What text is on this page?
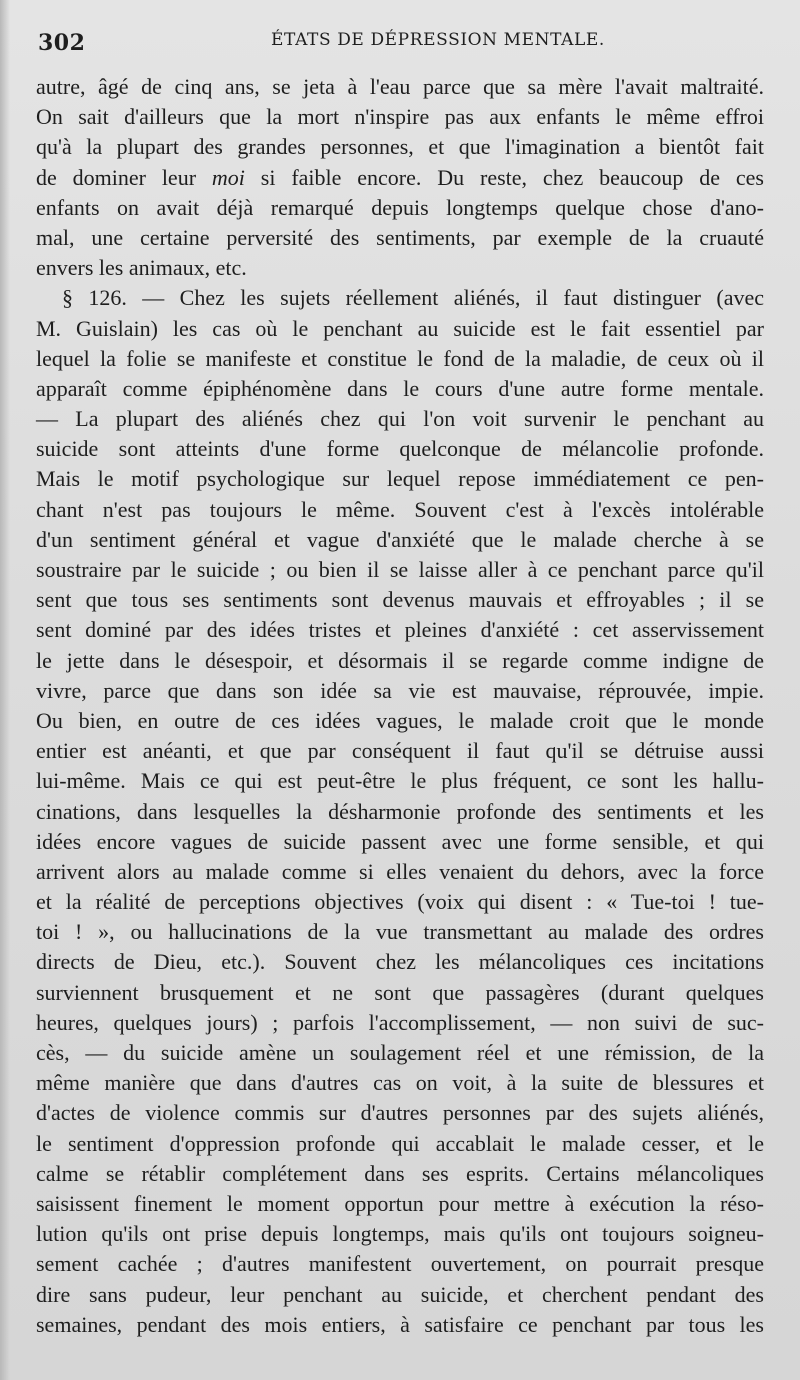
302	ÉTATS DE DÉPRESSION MENTALE.
autre, âgé de cinq ans, se jeta à l'eau parce que sa mère l'avait maltraité.
On sait d'ailleurs que la mort n'inspire pas aux enfants le même effroi
qu'à la plupart des grandes personnes, et que l'imagination a bientôt fait
de dominer leur moi si faible encore. Du reste, chez beaucoup de ces
enfants on avait déjà remarqué depuis longtemps quelque chose d'ano-
mal, une certaine perversité des sentiments, par exemple de la cruauté
envers les animaux, etc.
§ 126. — Chez les sujets réellement aliénés, il faut distinguer (avec
M. Guislain) les cas où le penchant au suicide est le fait essentiel par
lequel la folie se manifeste et constitue le fond de la maladie, de ceux où il
apparaît comme épiphénomène dans le cours d'une autre forme mentale.
— La plupart des aliénés chez qui l'on voit survenir le penchant au
suicide sont atteints d'une forme quelconque de mélancolie profonde.
Mais le motif psychologique sur lequel repose immédiatement ce pen-
chant n'est pas toujours le même. Souvent c'est à l'excès intolérable
d'un sentiment général et vague d'anxiété que le malade cherche à se
soustraire par le suicide ; ou bien il se laisse aller à ce penchant parce qu'il
sent que tous ses sentiments sont devenus mauvais et effroyables ; il se
sent dominé par des idées tristes et pleines d'anxiété : cet asservissement
le jette dans le désespoir, et désormais il se regarde comme indigne de
vivre, parce que dans son idée sa vie est mauvaise, réprouvée, impie.
Ou bien, en outre de ces idées vagues, le malade croit que le monde
entier est anéanti, et que par conséquent il faut qu'il se détruise aussi
lui-même. Mais ce qui est peut-être le plus fréquent, ce sont les hallu-
cinations, dans lesquelles la désharmonie profonde des sentiments et les
idées encore vagues de suicide passent avec une forme sensible, et qui
arrivent alors au malade comme si elles venaient du dehors, avec la force
et la réalité de perceptions objectives (voix qui disent : « Tue-toi ! tue-
toi ! », ou hallucinations de la vue transmettant au malade des ordres
directs de Dieu, etc.). Souvent chez les mélancoliques ces incitations
surviennent brusquement et ne sont que passagères (durant quelques
heures, quelques jours) ; parfois l'accomplissement, — non suivi de suc-
cès, — du suicide amène un soulagement réel et une rémission, de la
même manière que dans d'autres cas on voit, à la suite de blessures et
d'actes de violence commis sur d'autres personnes par des sujets aliénés,
le sentiment d'oppression profonde qui accablait le malade cesser, et le
calme se rétablir complétement dans ses esprits. Certains mélancoliques
saisissent finement le moment opportun pour mettre à exécution la réso-
lution qu'ils ont prise depuis longtemps, mais qu'ils ont toujours soigneu-
sement cachée ; d'autres manifestent ouvertement, on pourrait presque
dire sans pudeur, leur penchant au suicide, et cherchent pendant des
semaines, pendant des mois entiers, à satisfaire ce penchant par tous les
